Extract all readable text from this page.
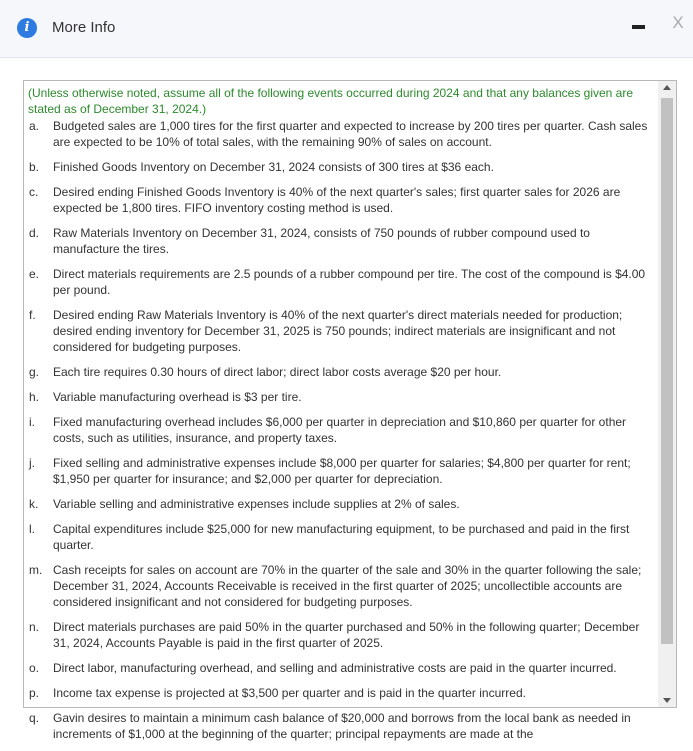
i	More Info	X
(Unless otherwise noted, assume all of the following events occurred during 2024 and that any balances given are stated as of December 31, 2024.)
a.	Budgeted sales are 1,000 tires for the first quarter and expected to increase by 200 tires per quarter. Cash sales are expected to be 10% of total sales, with the remaining 90% of sales on account.
b.	Finished Goods Inventory on December 31, 2024 consists of 300 tires at $36 each.
c.	Desired ending Finished Goods Inventory is 40% of the next quarter's sales; first quarter sales for 2026 are expected be 1,800 tires. FIFO inventory costing method is used.
d.	Raw Materials Inventory on December 31, 2024, consists of 750 pounds of rubber compound used to manufacture the tires.
e.	Direct materials requirements are 2.5 pounds of a rubber compound per tire. The cost of the compound is $4.00 per pound.
f.	Desired ending Raw Materials Inventory is 40% of the next quarter's direct materials needed for production; desired ending inventory for December 31, 2025 is 750 pounds; indirect materials are insignificant and not considered for budgeting purposes.
g.	Each tire requires 0.30 hours of direct labor; direct labor costs average $20 per hour.
h.	Variable manufacturing overhead is $3 per tire.
i.	Fixed manufacturing overhead includes $6,000 per quarter in depreciation and $10,860 per quarter for other costs, such as utilities, insurance, and property taxes.
j.	Fixed selling and administrative expenses include $8,000 per quarter for salaries; $4,800 per quarter for rent; $1,950 per quarter for insurance; and $2,000 per quarter for depreciation.
k.	Variable selling and administrative expenses include supplies at 2% of sales.
l.	Capital expenditures include $25,000 for new manufacturing equipment, to be purchased and paid in the first quarter.
m. Cash receipts for sales on account are 70% in the quarter of the sale and 30% in the quarter following the sale; December 31, 2024, Accounts Receivable is received in the first quarter of 2025; uncollectible accounts are considered insignificant and not considered for budgeting purposes.
n.	Direct materials purchases are paid 50% in the quarter purchased and 50% in the following quarter; December 31, 2024, Accounts Payable is paid in the first quarter of 2025.
o.	Direct labor, manufacturing overhead, and selling and administrative costs are paid in the quarter incurred.
p.	Income tax expense is projected at $3,500 per quarter and is paid in the quarter incurred.
q.	Gavin desires to maintain a minimum cash balance of $20,000 and borrows from the local bank as needed in increments of $1,000 at the beginning of the quarter; principal repayments are made at the
